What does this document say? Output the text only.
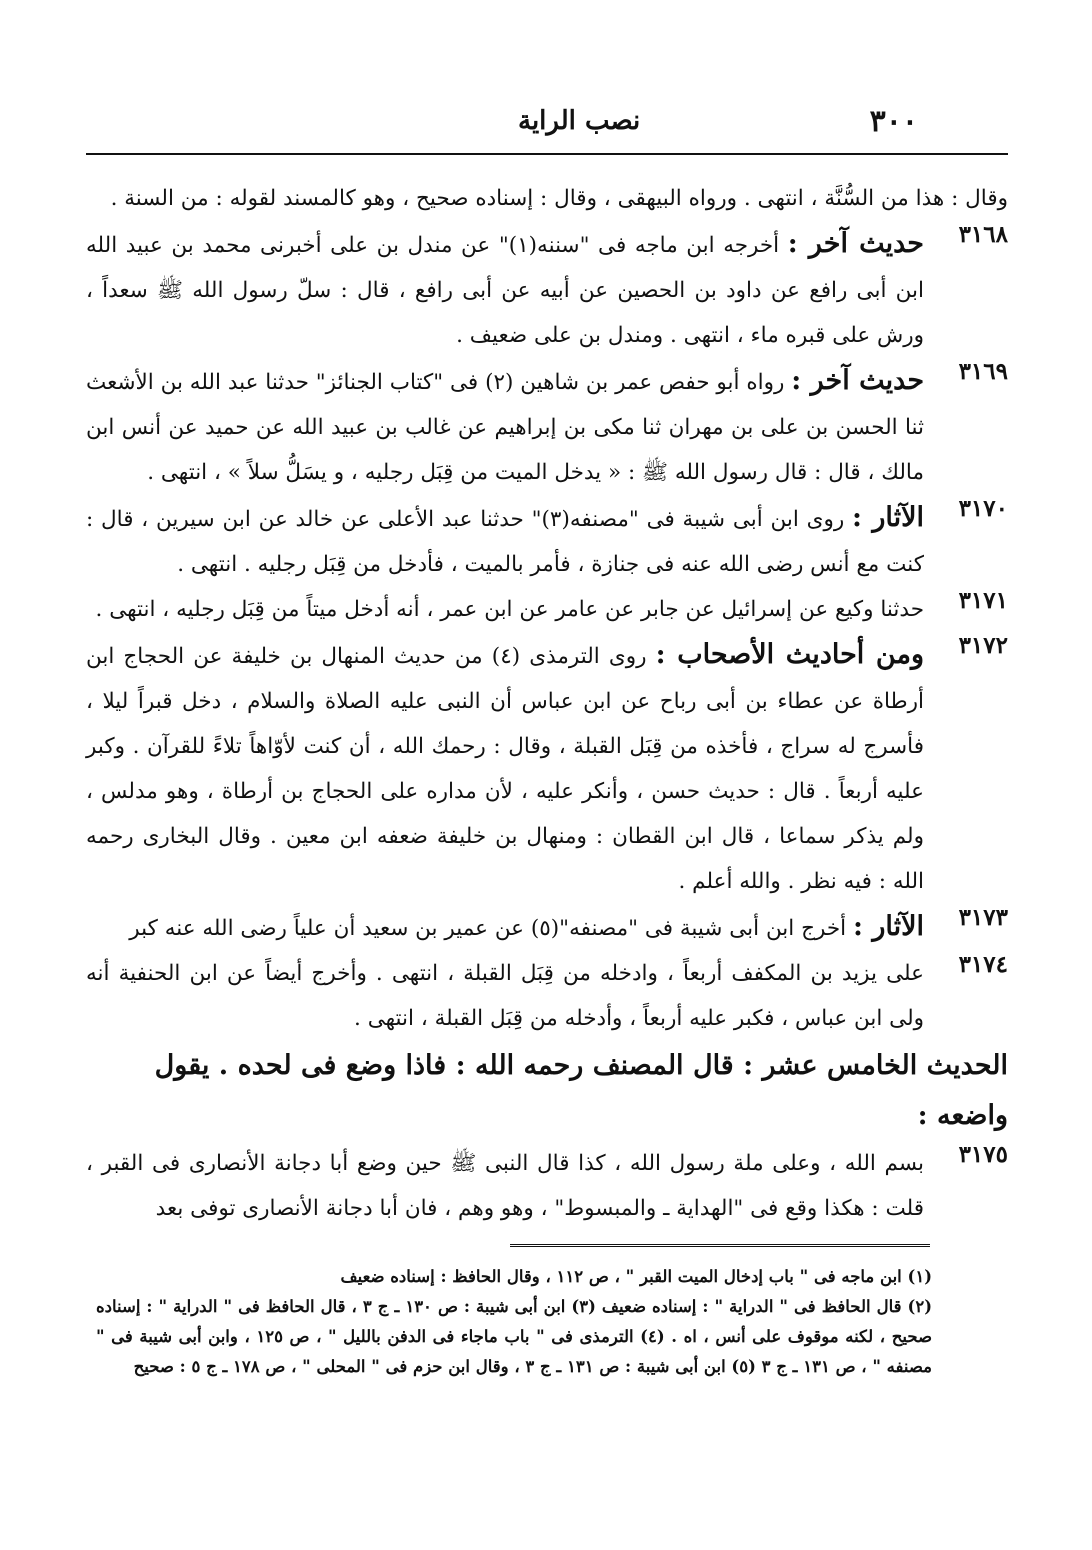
٣٠٠
نصب الراية
وقال : هذا من السُّنَّة ، انتهى . ورواه البيهقى ، وقال : إسناده صحيح ، وهو كالمسند لقوله : من السنة .
٣١٦٨
حديث آخر : أخرجه ابن ماجه فى "سننه(١)" عن مندل بن على أخبرنى محمد بن عبيد الله ابن أبى رافع عن داود بن الحصين عن أبيه عن أبى رافع ، قال : سلّ رسول الله ﷺ سعداً ، ورش على قبره ماء ، انتهى . ومندل بن على ضعيف .
٣١٦٩
حديث آخر : رواه أبو حفص عمر بن شاهين (٢) فى "كتاب الجنائز" حدثنا عبد الله بن الأشعث ثنا الحسن بن على بن مهران ثنا مكى بن إبراهيم عن غالب بن عبيد الله عن حميد عن أنس ابن مالك ، قال : قال رسول الله ﷺ : « يدخل الميت من قِبَل رجليه ، و يسَلُّ سلاً » ، انتهى .
٣١٧٠
الآثار : روى ابن أبى شيبة فى "مصنفه(٣)" حدثنا عبد الأعلى عن خالد عن ابن سيرين ، قال : كنت مع أنس رضى الله عنه فى جنازة ، فأمر بالميت ، فأدخل من قِبَل رجليه . انتهى .
٣١٧١
حدثنا وكيع عن إسرائيل عن جابر عن عامر عن ابن عمر ، أنه أدخل ميتاً من قِبَل رجليه ، انتهى .
٣١٧٢
ومن أحاديث الأصحاب : روى الترمذى (٤) من حديث المنهال بن خليفة عن الحجاج ابن أرطاة عن عطاء بن أبى رباح عن ابن عباس أن النبى عليه الصلاة والسلام ، دخل قبراً ليلا ، فأسرج له سراج ، فأخذه من قِبَل القبلة ، وقال : رحمك الله ، أن كنت لأوّاهاً تلاءً للقرآن . وكبر عليه أربعاً . قال : حديث حسن ، وأنكر عليه ، لأن مداره على الحجاج بن أرطاة ، وهو مدلس ، ولم يذكر سماعا ، قال ابن القطان : ومنهال بن خليفة ضعفه ابن معين . وقال البخارى رحمه الله : فيه نظر . والله أعلم .
٣١٧٣
الآثار : أخرج ابن أبى شيبة فى "مصنفه"(٥) عن عمير بن سعيد أن علياً رضى الله عنه كبر
٣١٧٤
على يزيد بن المكفف أربعاً ، وادخله من قِبَل القبلة ، انتهى . وأخرج أيضاً عن ابن الحنفية أنه ولى ابن عباس ، فكبر عليه أربعاً ، وأدخله من قِبَل القبلة ، انتهى .
الحديث الخامس عشر : قال المصنف رحمه الله : فاذا وضع فى لحده . يقول واضعه :
٣١٧٥
بسم الله ، وعلى ملة رسول الله ، كذا قال النبى ﷺ حين وضع أبا دجانة الأنصارى فى القبر ، قلت : هكذا وقع فى "الهداية ـ والمبسوط" ، وهو وهم ، فان أبا دجانة الأنصارى توفى بعد

(١) ابن ماجه فى " باب إدخال الميت القبر " ، ص ١١٢ ، وقال الحافظ : إسناده ضعيف

(٢) قال الحافظ فى " الدراية " : إسناده ضعيف (٣) ابن أبى شيبة : ص ١٣٠ ـ ج ٣ ، قال الحافظ فى " الدراية " : إسناده صحيح ، لكنه موقوف على أنس ، اه . (٤) الترمذى فى " باب ماجاء فى الدفن بالليل " ، ص ١٢٥ ، وابن أبى شيبة فى " مصنفه " ، ص ١٣١ ـ ج ٣ (٥) ابن أبى شيبة : ص ١٣١ ـ ج ٣ ، وقال ابن حزم فى " المحلى " ، ص ١٧٨ ـ ج ٥ : صحيح
